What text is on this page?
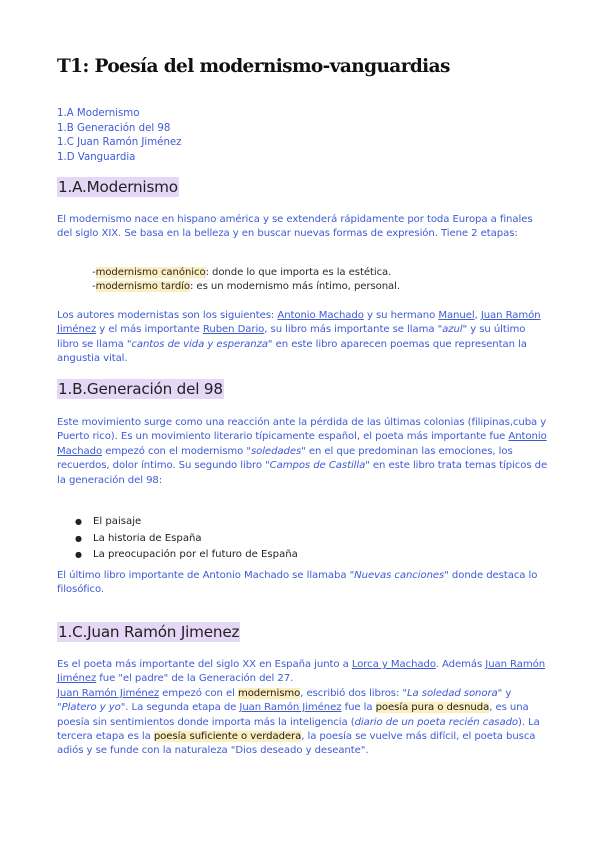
T1: Poesía del modernismo-vanguardias
1.A Modernismo
1.B Generación del 98
1.C Juan Ramón Jiménez
1.D Vanguardia
1.A.Modernismo

El modernismo nace en hispano américa y se extenderá rápidamente por toda Europa a finales del siglo XIX. Se basa en la belleza y en buscar nuevas formas de expresión. Tiene 2 etapas:

-modernismo canónico: donde lo que importa es la estética.

-modernismo tardío: es un modernismo más íntimo, personal.

Los autores modernistas son los siguientes: Antonio Machado y su hermano Manuel, Juan Ramón Jiménez y el más importante Ruben Dario, su libro más importante se llama "azul" y su último libro se llama "cantos de vida y esperanza" en este libro aparecen poemas que representan la angustia vital.

1.B.Generación del 98

Este movimiento surge como una reacción ante la pérdida de las últimas colonias (filipinas,cuba y Puerto rico). Es un movimiento literario típicamente español, el poeta más importante fue Antonio Machado empezó con el modernismo "soledades" en el que predominan las emociones, los recuerdos, dolor íntimo. Su segundo libro "Campos de Castilla" en este libro trata temas típicos de la generación del 98:

● El paisaje
● La historia de España
● La preocupación por el futuro de España

El último libro importante de Antonio Machado se llamaba "Nuevas canciones" donde destaca lo filosófico.

1.C.Juan Ramón Jimenez

Es el poeta más importante del siglo XX en España junto a Lorca y Machado. Además Juan Ramón Jiménez fue "el padre" de la Generación del 27.
Juan Ramón Jiménez empezó con el modernismo, escribió dos libros: "La soledad sonora" y "Platero y yo". La segunda etapa de Juan Ramón Jiménez fue la poesía pura o desnuda, es una poesía sin sentimientos donde importa más la inteligencia (diario de un poeta recién casado). La tercera etapa es la poesía suficiente o verdadera, la poesía se vuelve más difícil, el poeta busca adiós y se funde con la naturaleza "Dios deseado y deseante".
